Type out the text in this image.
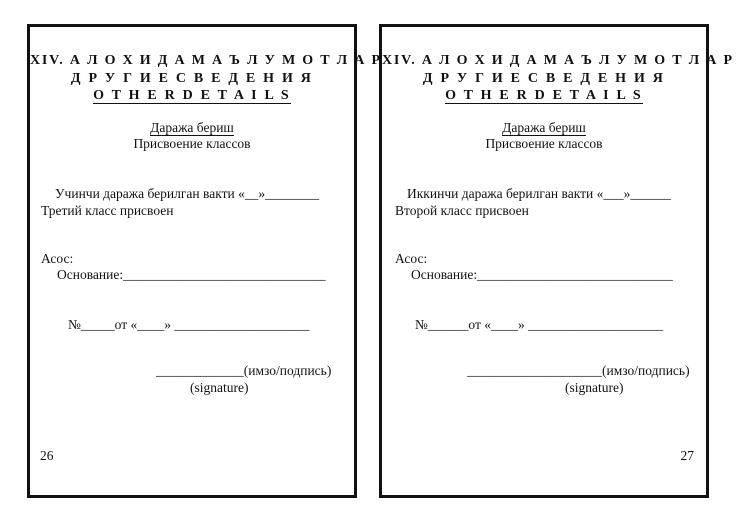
XIV. А Л О Х И Д А М А Ъ Л У М О Т Л А Р
Д Р У Г И Е С В Е Д Е Н И Я
O T H E R D E T A I L S
Даража бериш
Присвоение классов
Учинчи даража берилган вакти «__»________
Третий класс присвоен
Асос:
Основание:______________________________
№_____от «____» ____________________
_____________(имзо/подпись)
(signature)
26
XIV. А Л О Х И Д А М А Ъ Л У М О Т Л А Р
Д Р У Г И Е С В Е Д Е Н И Я
O T H E R D E T A I L S
Даража бериш
Присвоение классов
Иккинчи даража берилган вакти «___»______
Второй класс присвоен
Асос:
Основание:_____________________________
№______от «____» ____________________
____________________(имзо/подпись)
(signature)
27
